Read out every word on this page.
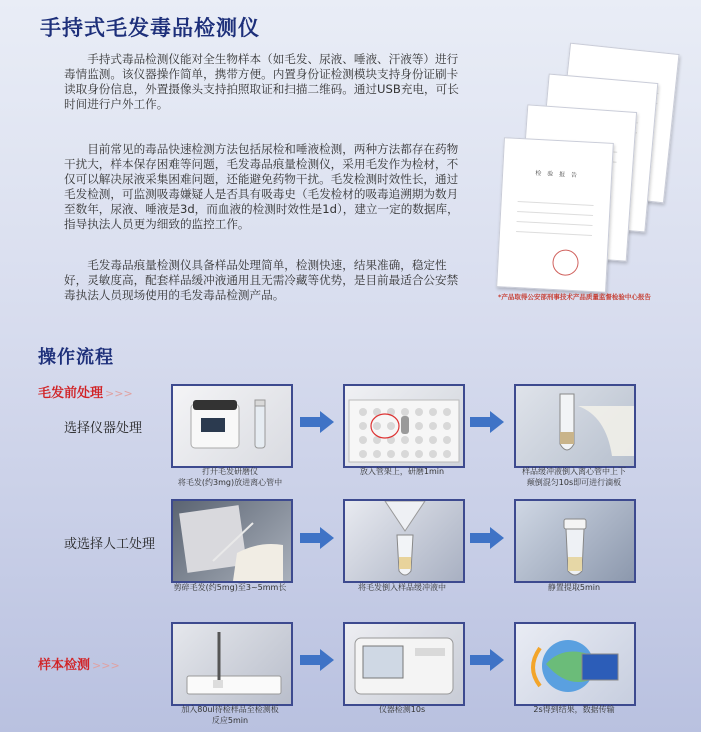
手持式毛发毒品检测仪

手持式毒品检测仪能对全生物样本（如毛发、尿液、唾液、汗液等）进行毒情监测。该仪器操作简单，携带方便。内置身份证检测模块支持身份证刷卡读取身份信息，外置摄像头支持拍照取证和扫描二维码。通过USB充电，可长时间进行户外工作。

目前常见的毒品快速检测方法包括尿检和唾液检测，两种方法都存在药物干扰大，样本保存困难等问题，毛发毒品痕量检测仪，采用毛发作为检材，不仅可以解决尿液采集困难问题，还能避免药物干扰。毛发检测时效性长，通过毛发检测，可监测吸毒嫌疑人是否具有吸毒史（毛发检材的吸毒追溯期为数月至数年，尿液、唾液是3d，而血液的检测时效性是1d），建立一定的数据库，指导执法人员更为细致的监控工作。

毛发毒品痕量检测仪具备样品处理简单，检测快速，结果准确，稳定性好，灵敏度高，配套样品缓冲液通用且无需冷藏等优势，是目前最适合公安禁毒执法人员现场使用的毛发毒品检测产品。

检 验 报 告
*产品取得公安部刑事技术产品质量监督检验中心报告
操作流程
毛发前处理 >>>
样本检测 >>>
选择仪器处理
或选择人工处理
打开毛发研磨仪
将毛发(约3mg)放进离心管中
放入管架上，研磨1min	样品缓冲液倒入离心管中上下
颠倒混匀10s即可进行滴板
剪碎毛发(约5mg)至3~5mm长	将毛发倒入样品缓冲液中	静置提取5min
加入80ul待检样品至检测板
反应5min
仪器检测10s	2s得到结果，数据传输
